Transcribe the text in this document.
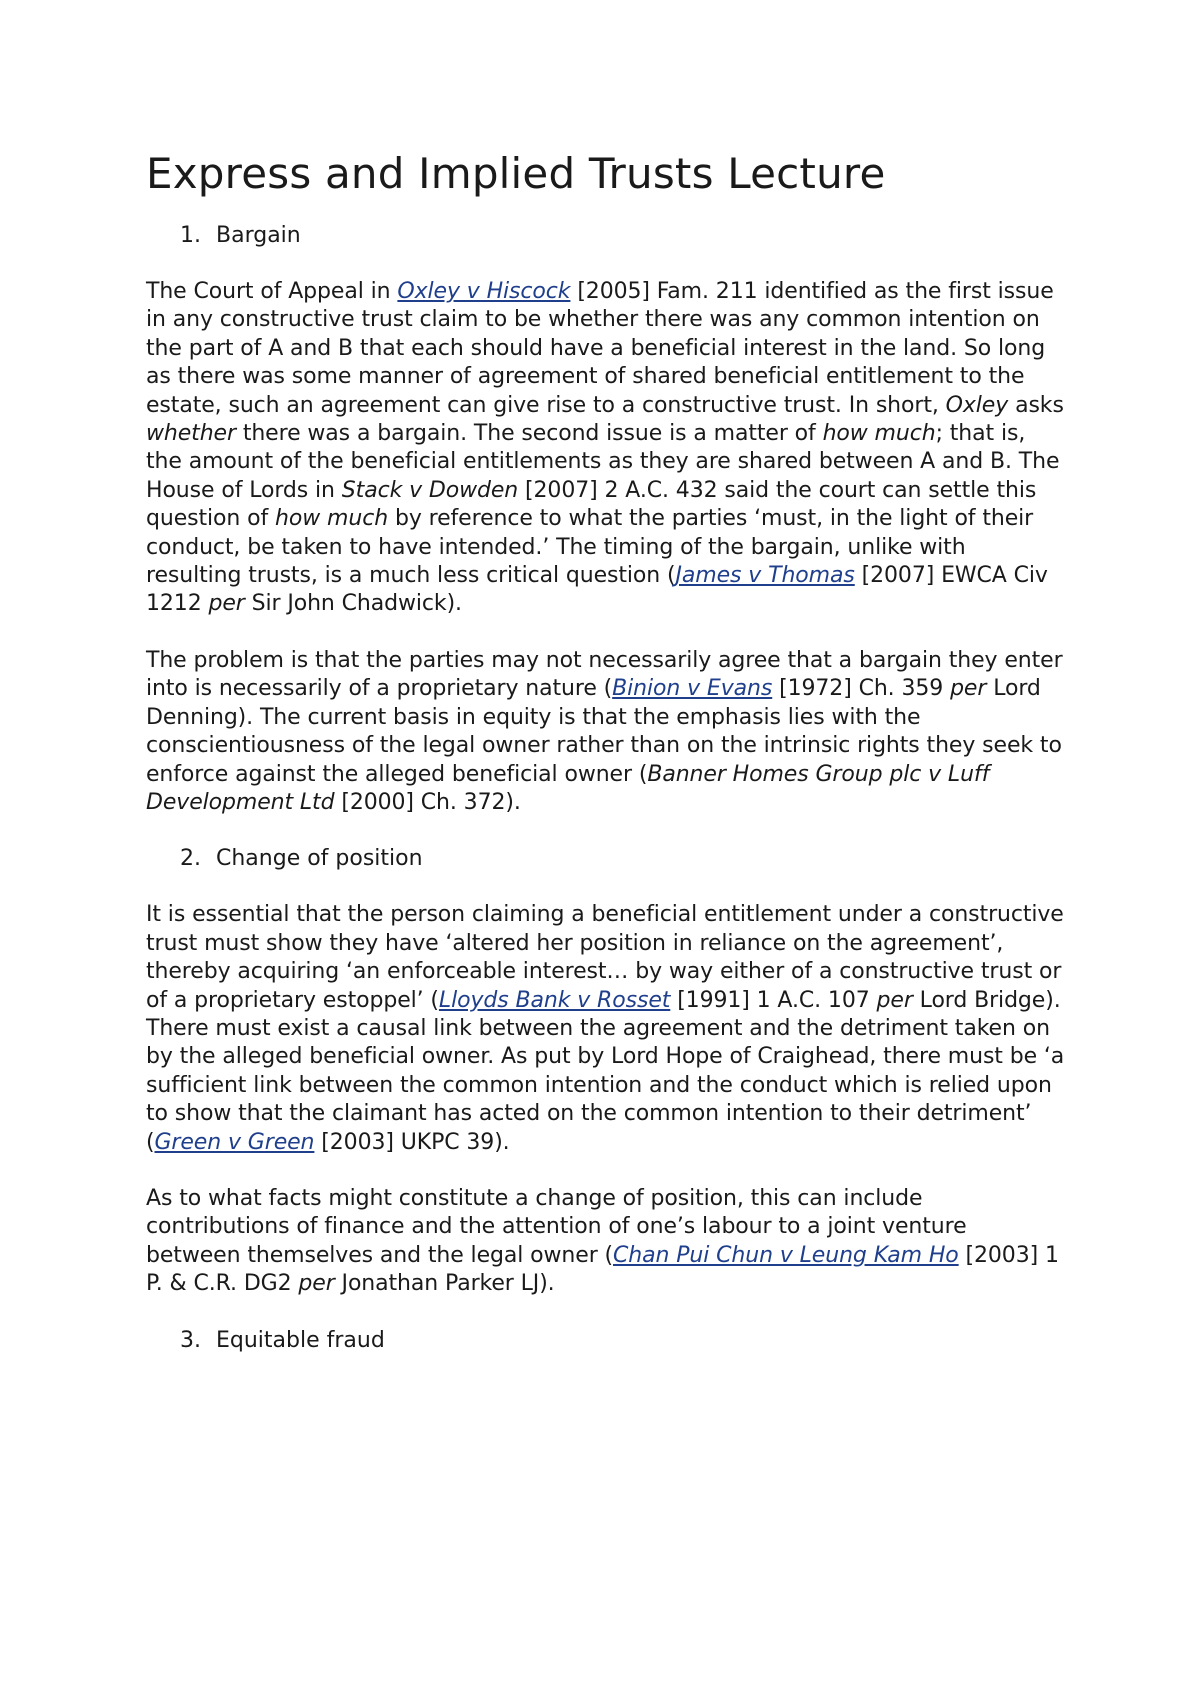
Express and Implied Trusts Lecture
1. Bargain

The Court of Appeal in Oxley v Hiscock [2005] Fam. 211 identified as the first issue in any constructive trust claim to be whether there was any common intention on the part of A and B that each should have a beneficial interest in the land. So long as there was some manner of agreement of shared beneficial entitlement to the estate, such an agreement can give rise to a constructive trust. In short, Oxley asks whether there was a bargain. The second issue is a matter of how much; that is, the amount of the beneficial entitlements as they are shared between A and B. The House of Lords in Stack v Dowden [2007] 2 A.C. 432 said the court can settle this question of how much by reference to what the parties ‘must, in the light of their conduct, be taken to have intended.’ The timing of the bargain, unlike with resulting trusts, is a much less critical question (James v Thomas [2007] EWCA Civ 1212 per Sir John Chadwick).

The problem is that the parties may not necessarily agree that a bargain they enter into is necessarily of a proprietary nature (Binion v Evans [1972] Ch. 359 per Lord Denning). The current basis in equity is that the emphasis lies with the conscientiousness of the legal owner rather than on the intrinsic rights they seek to enforce against the alleged beneficial owner (Banner Homes Group plc v Luff Development Ltd [2000] Ch. 372).

2. Change of position

It is essential that the person claiming a beneficial entitlement under a constructive trust must show they have ‘altered her position in reliance on the agreement’, thereby acquiring ‘an enforceable interest… by way either of a constructive trust or of a proprietary estoppel’ (Lloyds Bank v Rosset [1991] 1 A.C. 107 per Lord Bridge). There must exist a causal link between the agreement and the detriment taken on by the alleged beneficial owner. As put by Lord Hope of Craighead, there must be ‘a sufficient link between the common intention and the conduct which is relied upon to show that the claimant has acted on the common intention to their detriment’ (Green v Green [2003] UKPC 39).

As to what facts might constitute a change of position, this can include contributions of finance and the attention of one’s labour to a joint venture between themselves and the legal owner (Chan Pui Chun v Leung Kam Ho [2003] 1 P. & C.R. DG2 per Jonathan Parker LJ).

3. Equitable fraud
